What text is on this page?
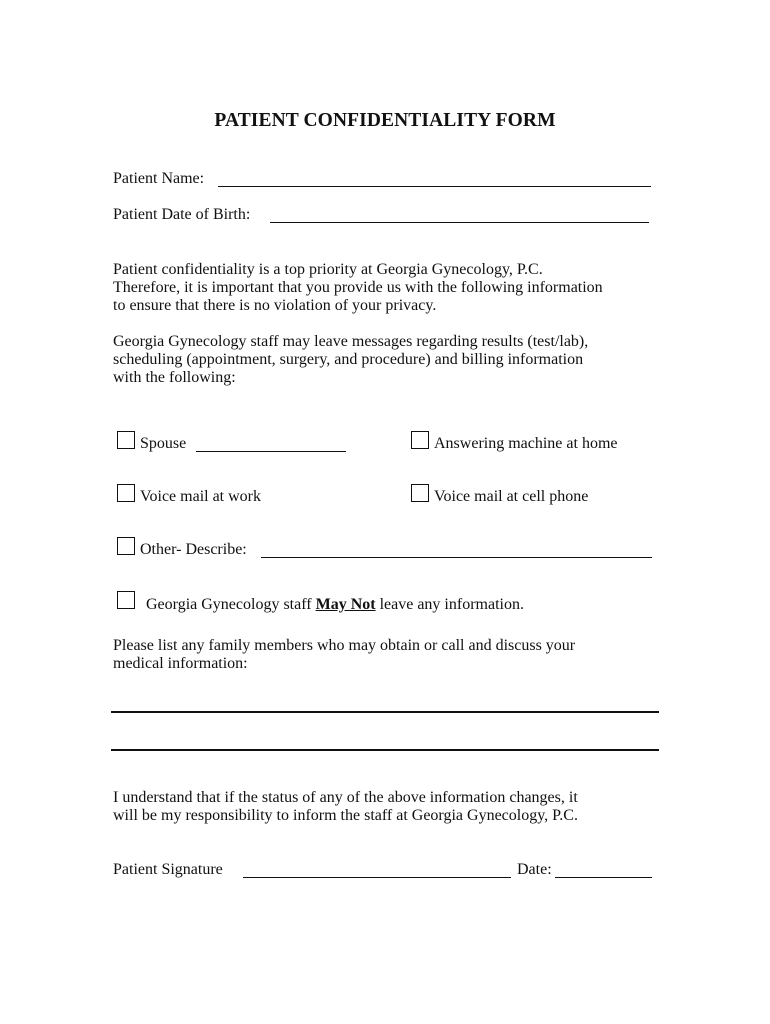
PATIENT CONFIDENTIALITY FORM
Patient Name:
Patient Date of Birth:

Patient confidentiality is a top priority at Georgia Gynecology, P.C.

Therefore, it is important that you provide us with the following information

to ensure that there is no violation of your privacy.

Georgia Gynecology staff may leave messages regarding results (test/lab),

scheduling (appointment, surgery, and procedure) and billing information

with the following:

Spouse	Answering machine at home
Voice mail at work	Voice mail at cell phone
Other- Describe:
Georgia Gynecology staff May Not leave any information.

Please list any family members who may obtain or call and discuss your

medical information:

I understand that if the status of any of the above information changes, it

will be my responsibility to inform the staff at Georgia Gynecology, P.C.

Patient Signature	Date:
